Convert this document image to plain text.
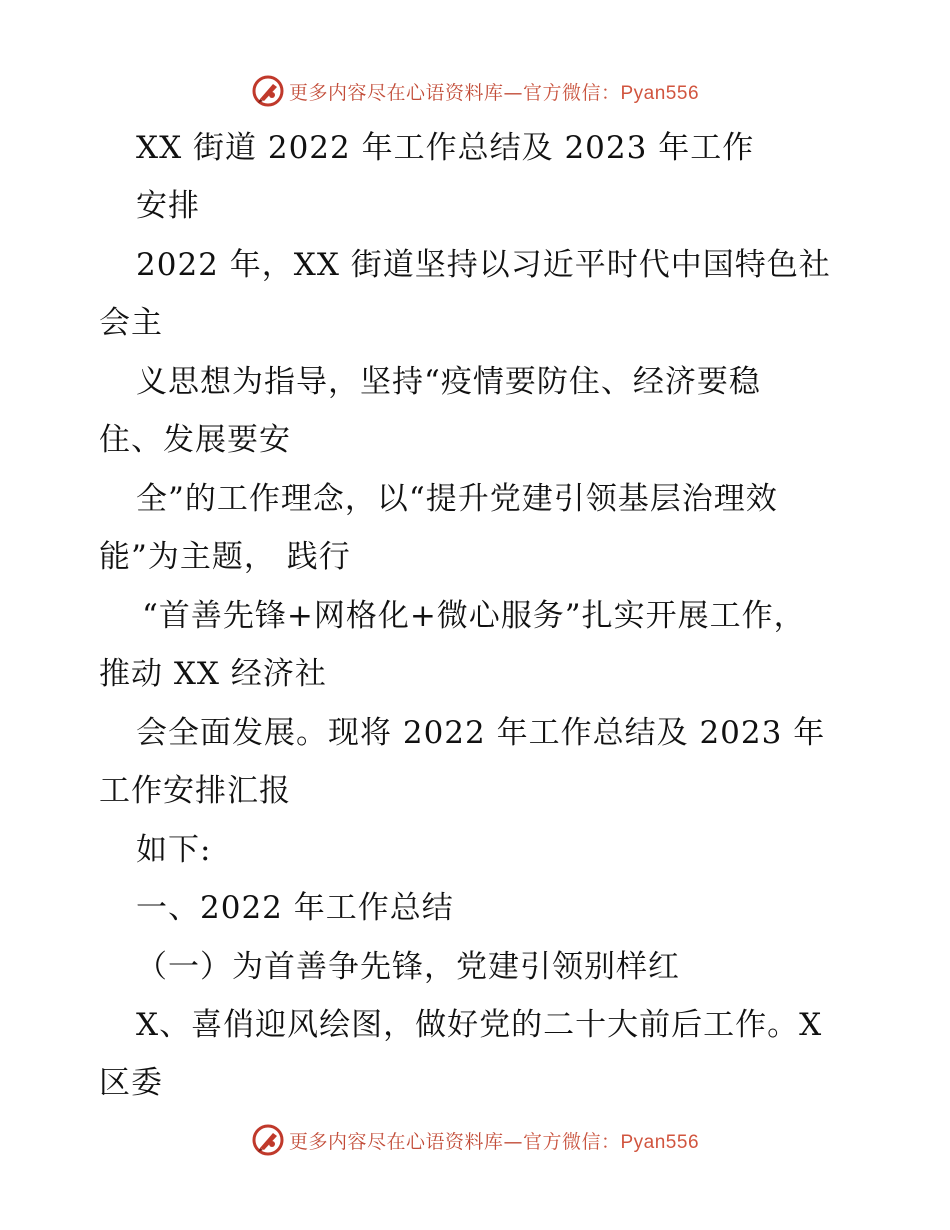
更多内容尽在心语资料库—官方微信：Pyan556
XX 街道 2022 年工作总结及 2023 年工作
安排
2022 年，XX 街道坚持以习近平时代中国特色社
会主
义思想为指导，坚持“疫情要防住、经济要稳
住、发展要安
全”的工作理念，以“提升党建引领基层治理效
能”为主题， 践行
“首善先锋+网格化+微心服务”扎实开展工作，
推动 XX 经济社
会全面发展。现将 2022 年工作总结及 2023 年
工作安排汇报
如下:
一、2022 年工作总结
（一）为首善争先锋，党建引领别样红
X、喜俏迎风绘图，做好党的二十大前后工作。X
区委
更多内容尽在心语资料库—官方微信：Pyan556
